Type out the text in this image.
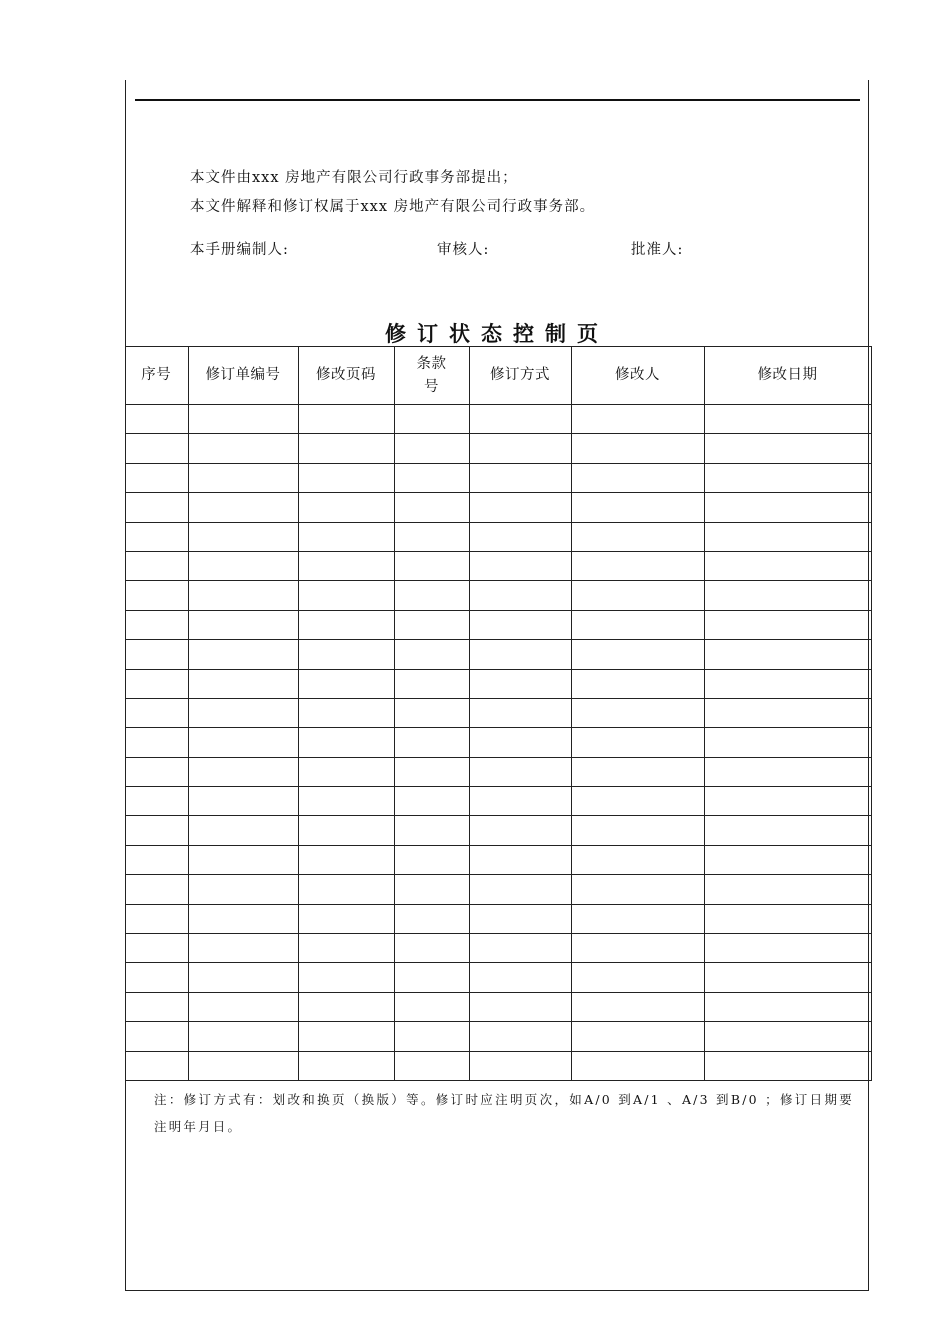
本文件由xxx 房地产有限公司行政事务部提出；
本文件解释和修订权属于xxx 房地产有限公司行政事务部。
本手册编制人:	审核人:	批准人:
修订状态控制页
序号	修订单编号	修改页码	条款号	修订方式	修改人	修改日期

注：修订方式有：划改和换页（换版）等。修订时应注明页次，如A/0 到A/1 、A/3 到B/0 ；修订日期要注明年月日。
